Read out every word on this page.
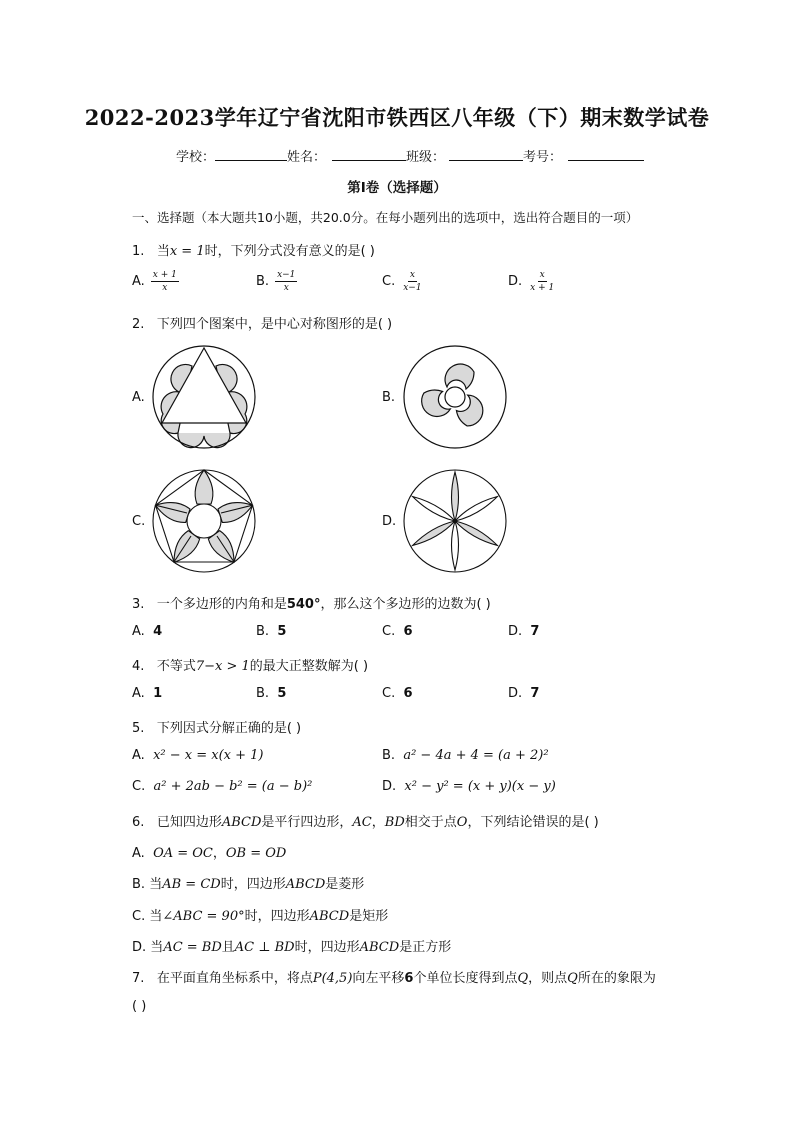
2022-2023学年辽宁省沈阳市铁西区八年级（下）期末数学试卷
学校：	姓名：	班级：	考号：
第I卷（选择题）
一、选择题（本大题共10小题，共20.0分。在每小题列出的选项中，选出符合题目的一项）
1. 当x = 1时，下列分式没有意义的是( )
A. $\frac{x + 1}{x}$	B. $\frac{x-1}{x}$	C. $\frac{x}{x-1}$	D. $\frac{x}{x + 1}$
2. 下列四个图案中，是中心对称图形的是( )
A.	B.
C.	D.
3. 一个多边形的内角和是540°，那么这个多边形的边数为( )
A. 4	B. 5	C. 6	D. 7
4. 不等式7−x > 1的最大正整数解为( )
A. 1	B. 5	C. 6	D. 7
5. 下列因式分解正确的是( )
A. x² − x = x(x + 1)	B. a² − 4a + 4 = (a + 2)²
C. a² + 2ab − b² = (a − b)²	D. x² − y² = (x + y)(x − y)
6. 已知四边形ABCD是平行四边形，AC，BD相交于点O，下列结论错误的是( )
A. OA = OC，OB = OD
B. 当AB = CD时，四边形ABCD是菱形
C. 当∠ABC = 90°时，四边形ABCD是矩形
D. 当AC = BD且AC ⊥ BD时，四边形ABCD是正方形
7. 在平面直角坐标系中，将点P(4,5)向左平移6个单位长度得到点Q，则点Q所在的象限为
( )
